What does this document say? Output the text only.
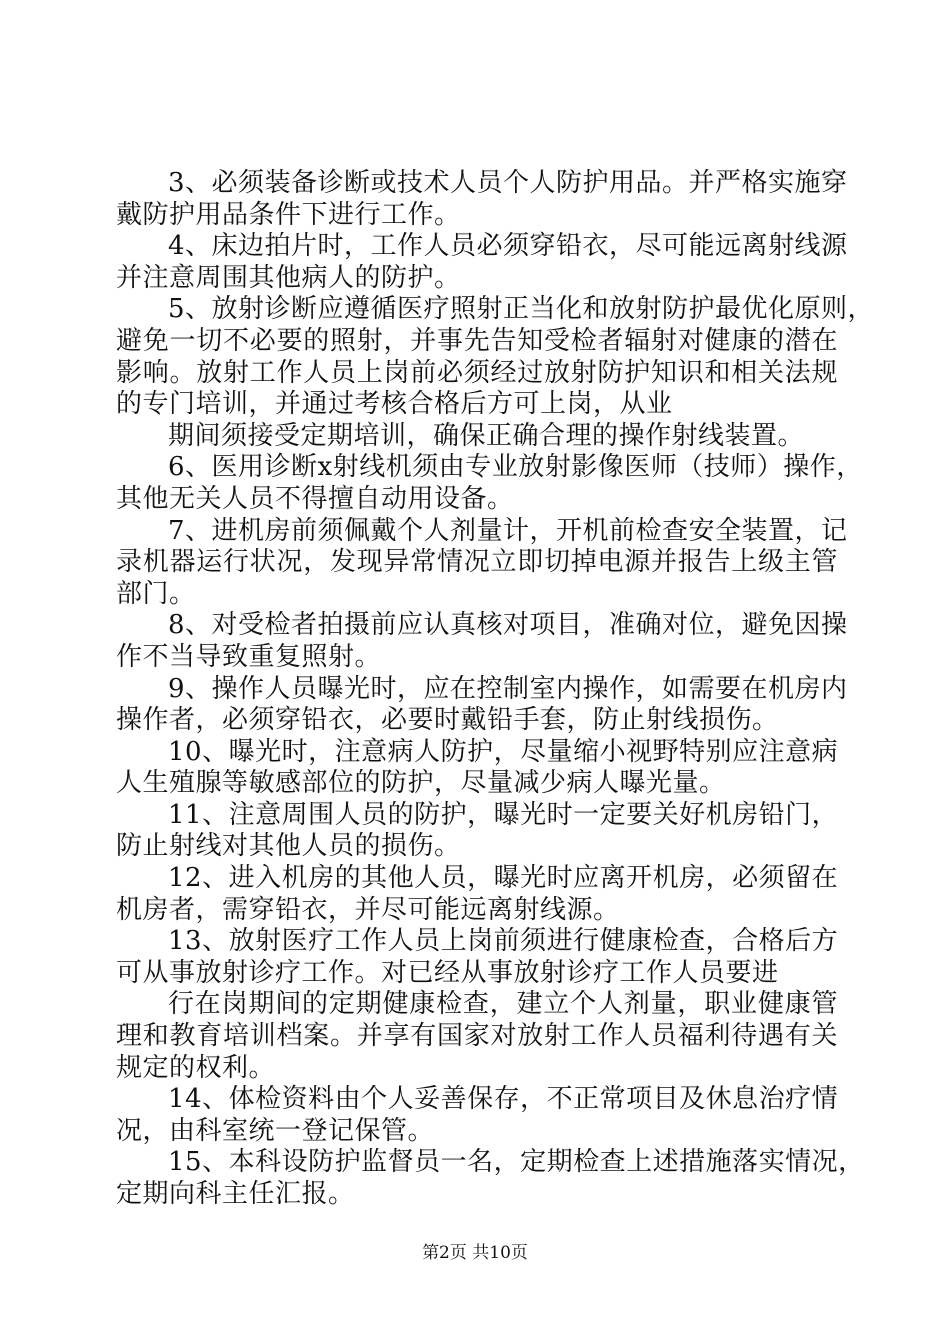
3、必须装备诊断或技术人员个人防护用品。并严格实施穿
戴防护用品条件下进行工作。
4、床边拍片时，工作人员必须穿铅衣，尽可能远离射线源
并注意周围其他病人的防护。
5、放射诊断应遵循医疗照射正当化和放射防护最优化原则，
避免一切不必要的照射，并事先告知受检者辐射对健康的潜在
影响。放射工作人员上岗前必须经过放射防护知识和相关法规
的专门培训，并通过考核合格后方可上岗，从业
期间须接受定期培训，确保正确合理的操作射线装置。
6、医用诊断x射线机须由专业放射影像医师（技师）操作，
其他无关人员不得擅自动用设备。
7、进机房前须佩戴个人剂量计，开机前检查安全装置，记
录机器运行状况，发现异常情况立即切掉电源并报告上级主管
部门。
8、对受检者拍摄前应认真核对项目，准确对位，避免因操
作不当导致重复照射。
9、操作人员曝光时，应在控制室内操作，如需要在机房内
操作者，必须穿铅衣，必要时戴铅手套，防止射线损伤。
10、曝光时，注意病人防护，尽量缩小视野特别应注意病
人生殖腺等敏感部位的防护，尽量减少病人曝光量。
11、注意周围人员的防护，曝光时一定要关好机房铅门，
防止射线对其他人员的损伤。
12、进入机房的其他人员，曝光时应离开机房，必须留在
机房者，需穿铅衣，并尽可能远离射线源。
13、放射医疗工作人员上岗前须进行健康检查，合格后方
可从事放射诊疗工作。对已经从事放射诊疗工作人员要进
行在岗期间的定期健康检查，建立个人剂量，职业健康管
理和教育培训档案。并享有国家对放射工作人员福利待遇有关
规定的权利。
14、体检资料由个人妥善保存，不正常项目及休息治疗情
况，由科室统一登记保管。
15、本科设防护监督员一名，定期检查上述措施落实情况，
定期向科主任汇报。
第2页 共10页
